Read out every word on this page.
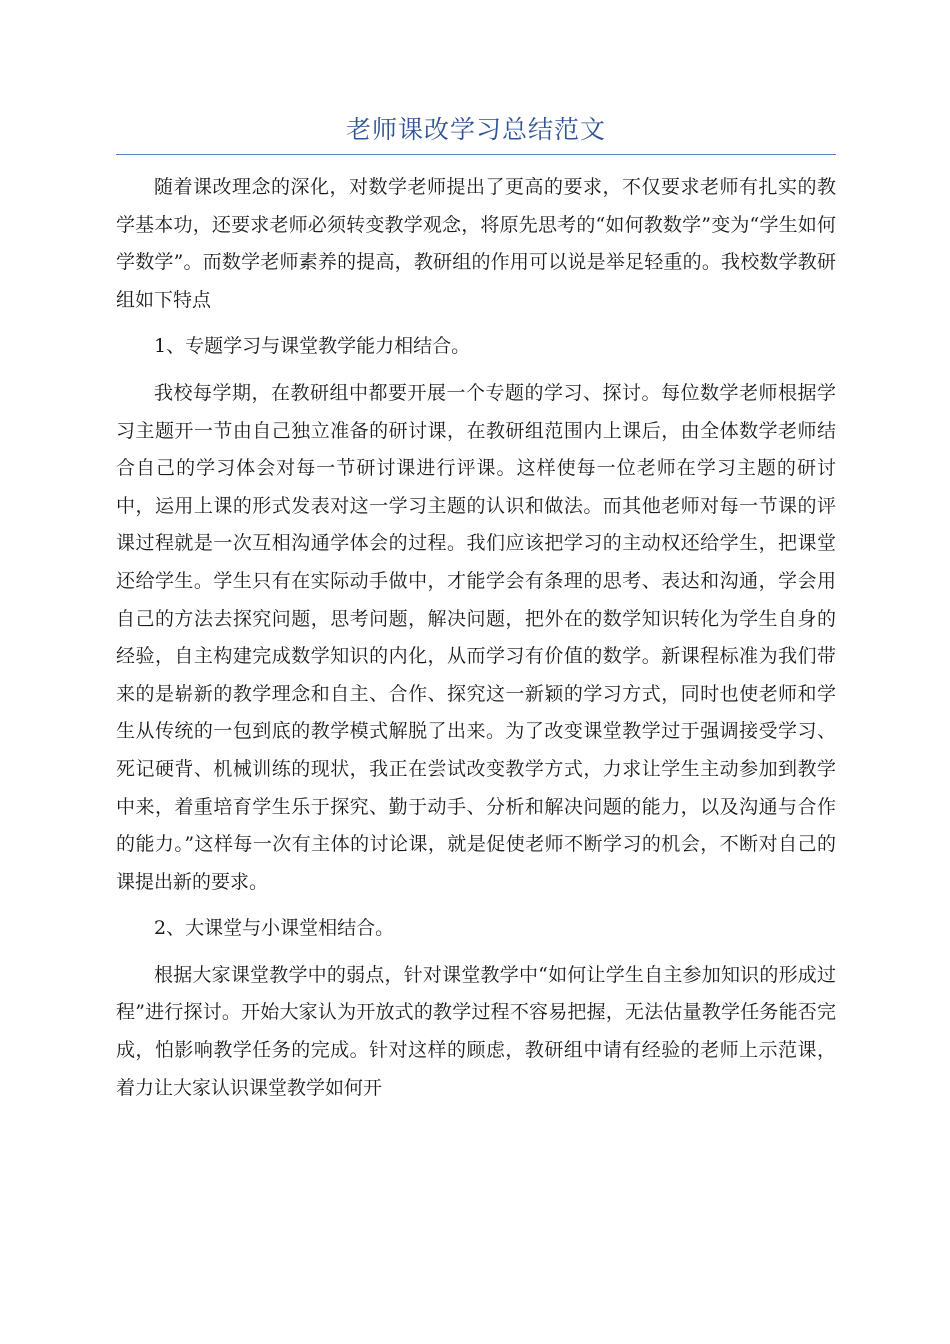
老师课改学习总结范文

随着课改理念的深化，对数学老师提出了更高的要求，不仅要求老师有扎实的教学基本功，还要求老师必须转变教学观念，将原先思考的“如何教数学”变为“学生如何学数学”。而数学老师素养的提高，教研组的作用可以说是举足轻重的。我校数学教研组如下特点

1、专题学习与课堂教学能力相结合。

我校每学期，在教研组中都要开展一个专题的学习、探讨。每位数学老师根据学习主题开一节由自己独立准备的研讨课，在教研组范围内上课后，由全体数学老师结合自己的学习体会对每一节研讨课进行评课。这样使每一位老师在学习主题的研讨中，运用上课的形式发表对这一学习主题的认识和做法。而其他老师对每一节课的评课过程就是一次互相沟通学体会的过程。我们应该把学习的主动权还给学生，把课堂还给学生。学生只有在实际动手做中，才能学会有条理的思考、表达和沟通，学会用自己的方法去探究问题，思考问题，解决问题，把外在的数学知识转化为学生自身的经验，自主构建完成数学知识的内化，从而学习有价值的数学。新课程标准为我们带来的是崭新的教学理念和自主、合作、探究这一新颖的学习方式，同时也使老师和学生从传统的一包到底的教学模式解脱了出来。为了改变课堂教学过于强调接受学习、死记硬背、机械训练的现状，我正在尝试改变教学方式，力求让学生主动参加到教学中来，着重培育学生乐于探究、勤于动手、分析和解决问题的能力，以及沟通与合作的能力。”这样每一次有主体的讨论课，就是促使老师不断学习的机会，不断对自己的课提出新的要求。

2、大课堂与小课堂相结合。

根据大家课堂教学中的弱点，针对课堂教学中“如何让学生自主参加知识的形成过程”进行探讨。开始大家认为开放式的教学过程不容易把握，无法估量教学任务能否完成，怕影响教学任务的完成。针对这样的顾虑，教研组中请有经验的老师上示范课，着力让大家认识课堂教学如何开
